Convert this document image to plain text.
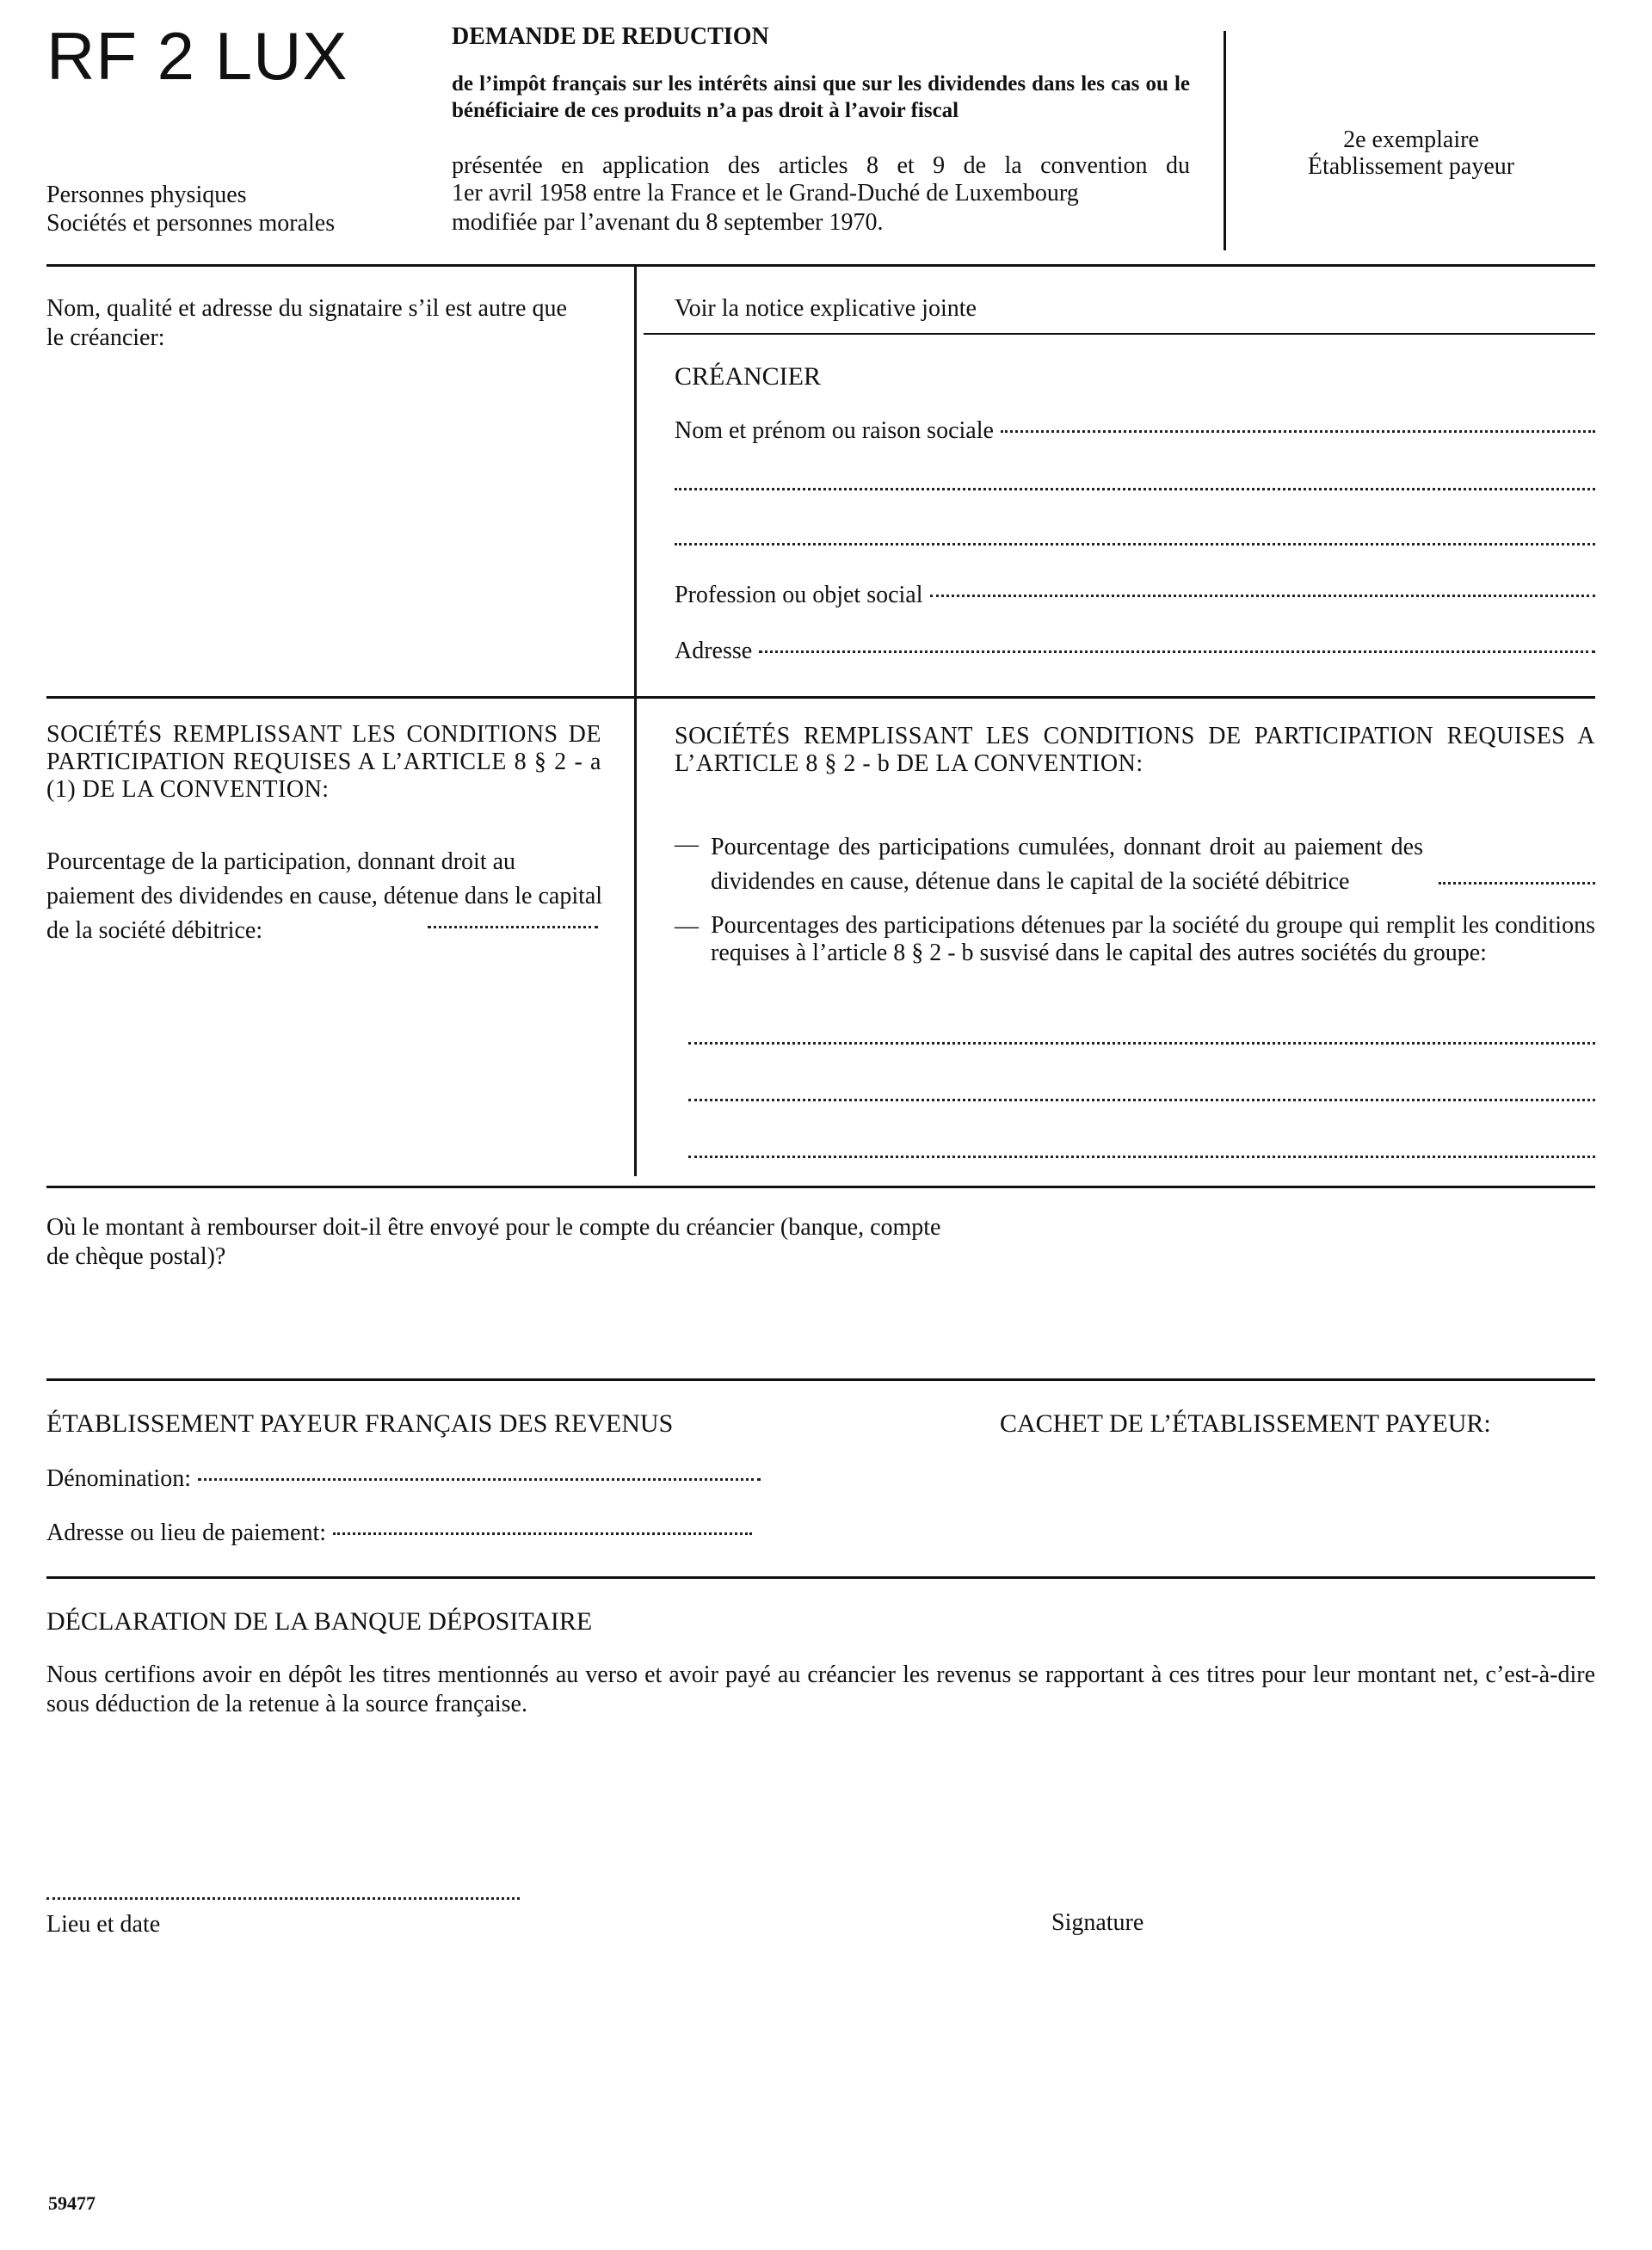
RF 2 LUX	DEMANDE DE REDUCTION
de l’impôt français sur les intérêts ainsi que sur les dividendes dans les cas ou le bénéficiaire de ces produits n’a pas droit à l’avoir fiscal
présentée en application des articles 8 et 9 de la convention du
1er avril 1958 entre la France et le Grand-Duché de Luxembourg
modifiée par l’avenant du 8 september 1970.
Personnes physiques
Sociétés et personnes morales
2e exemplaire
Établissement payeur
Nom, qualité et adresse du signataire s’il est autre que le créancier:
Voir la notice explicative jointe
CRÉANCIER
Nom et prénom ou raison sociale
Profession ou objet social
Adresse
SOCIÉTÉS REMPLISSANT LES CONDITIONS DE PARTICIPATION REQUISES A L’ARTICLE 8 § 2 - a (1) DE LA CONVENTION:
Pourcentage de la participation, donnant droit au paiement des dividendes en cause, détenue dans le capital de la société débitrice:
SOCIÉTÉS REMPLISSANT LES CONDITIONS DE PARTICIPATION REQUISES A L’ARTICLE 8 § 2 - b DE LA CONVENTION:
— Pourcentage des participations cumulées, donnant droit au paiement des dividendes en cause, détenue dans le capital de la société débitrice
— Pourcentages des participations détenues par la société du groupe qui remplit les conditions requises à l’article 8 § 2 - b susvisé dans le capital des autres sociétés du groupe:
Où le montant à rembourser doit-il être envoyé pour le compte du créancier (banque, compte de chèque postal)?
ÉTABLISSEMENT PAYEUR FRANÇAIS DES REVENUS	CACHET DE L’ÉTABLISSEMENT PAYEUR:
Dénomination:
Adresse ou lieu de paiement:
DÉCLARATION DE LA BANQUE DÉPOSITAIRE
Nous certifions avoir en dépôt les titres mentionnés au verso et avoir payé au créancier les revenus se rapportant à ces titres pour leur montant net, c’est-à-dire sous déduction de la retenue à la source française.
Lieu et date	Signature
59477
